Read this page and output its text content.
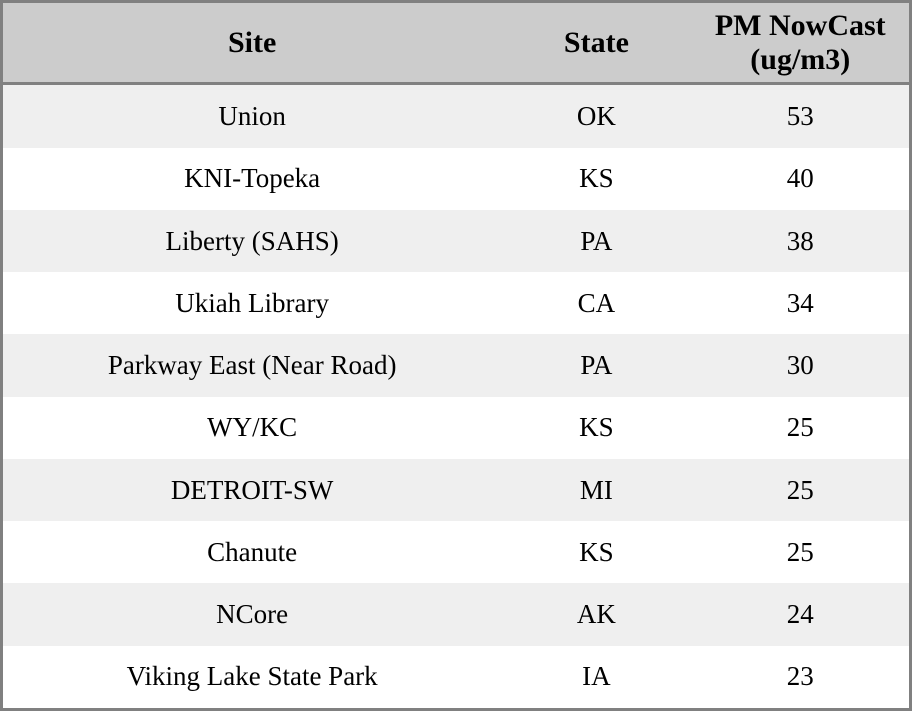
Site	State	PM NowCast (ug/m3)
Union	OK	53
KNI-Topeka	KS	40
Liberty (SAHS)	PA	38
Ukiah Library	CA	34
Parkway East (Near Road)	PA	30
WY/KC	KS	25
DETROIT-SW	MI	25
Chanute	KS	25
NCore	AK	24
Viking Lake State Park	IA	23
